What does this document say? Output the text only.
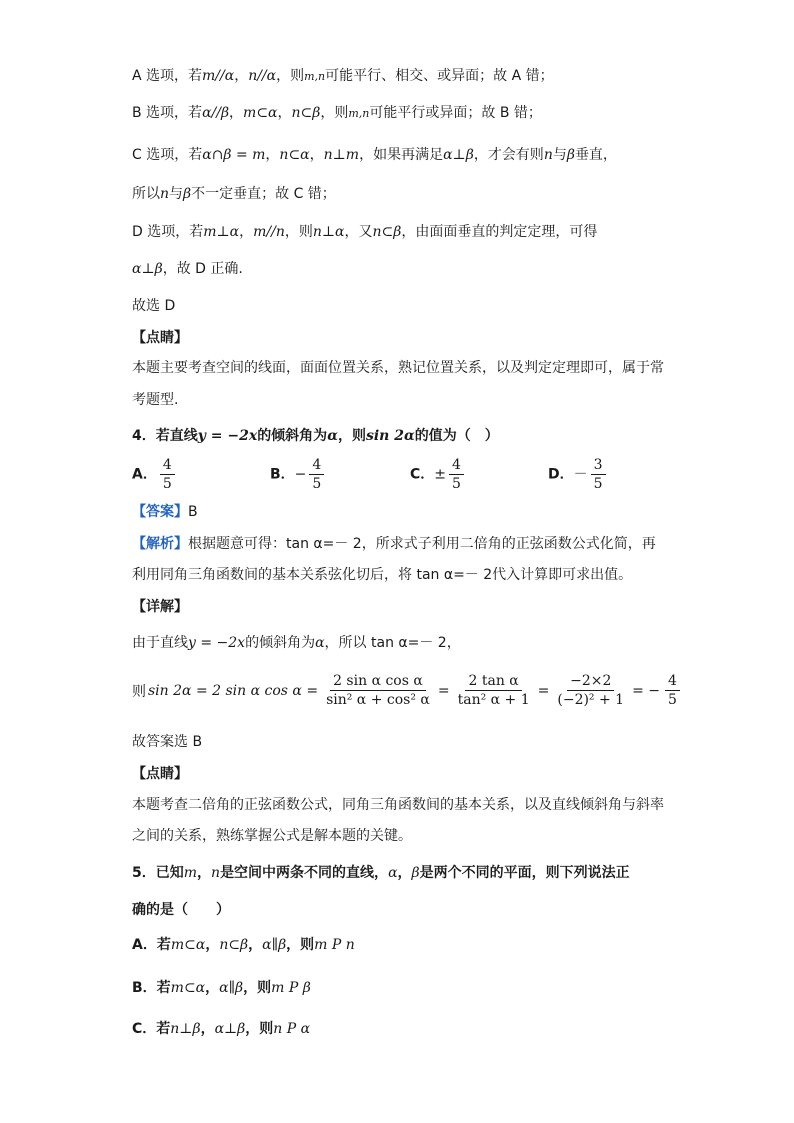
A 选项，若m//α，n//α，则m,n可能平行、相交、或异面；故 A 错；
B 选项，若α//β，m⊂α，n⊂β，则m,n可能平行或异面；故 B 错；
C 选项，若α∩β = m，n⊂α，n⊥m，如果再满足α⊥β，才会有则n与β垂直，
所以n与β不一定垂直；故 C 错；
D 选项，若m⊥α，m//n，则n⊥α，又n⊂β，由面面垂直的判定定理，可得
α⊥β，故 D 正确.
故选 D
【点睛】
本题主要考查空间的线面，面面位置关系，熟记位置关系，以及判定定理即可，属于常
考题型.
4．若直线y = −2x的倾斜角为α，则sin 2α的值为（　）
A． $\frac{4}{5}$	B．− $\frac{4}{5}$	C．± $\frac{4}{5}$	D．－ $\frac{3}{5}$
【答案】B
【解析】根据题意可得：tan α=－ 2，所求式子利用二倍角的正弦函数公式化简，再
利用同角三角函数间的基本关系弦化切后，将 tan α=－ 2代入计算即可求出值。
【详解】
由于直线y = −2x的倾斜角为α，所以 tan α=－ 2，
则 sin 2α = 2 sin α $\cos \alpha = \frac{\text{2 sin α cos α}}{\text{sin² α + cos² α}} = \frac{\text{2 tan α}}{\text{tan² α + 1}} = \frac{-2\times 2}{\text{(−2)² + 1}}$ = − $\frac{4}{5}$
故答案选 B
【点睛】
本题考查二倍角的正弦函数公式，同角三角函数间的基本关系，以及直线倾斜角与斜率
之间的关系，熟练掌握公式是解本题的关键。
5．已知m，n是空间中两条不同的直线，α，β是两个不同的平面，则下列说法正
确的是（　　）
A．若m⊂α，n⊂β，α∥β，则m P n
B．若m⊂α，α∥β，则m P β
C．若n⊥β，α⊥β，则n P α
